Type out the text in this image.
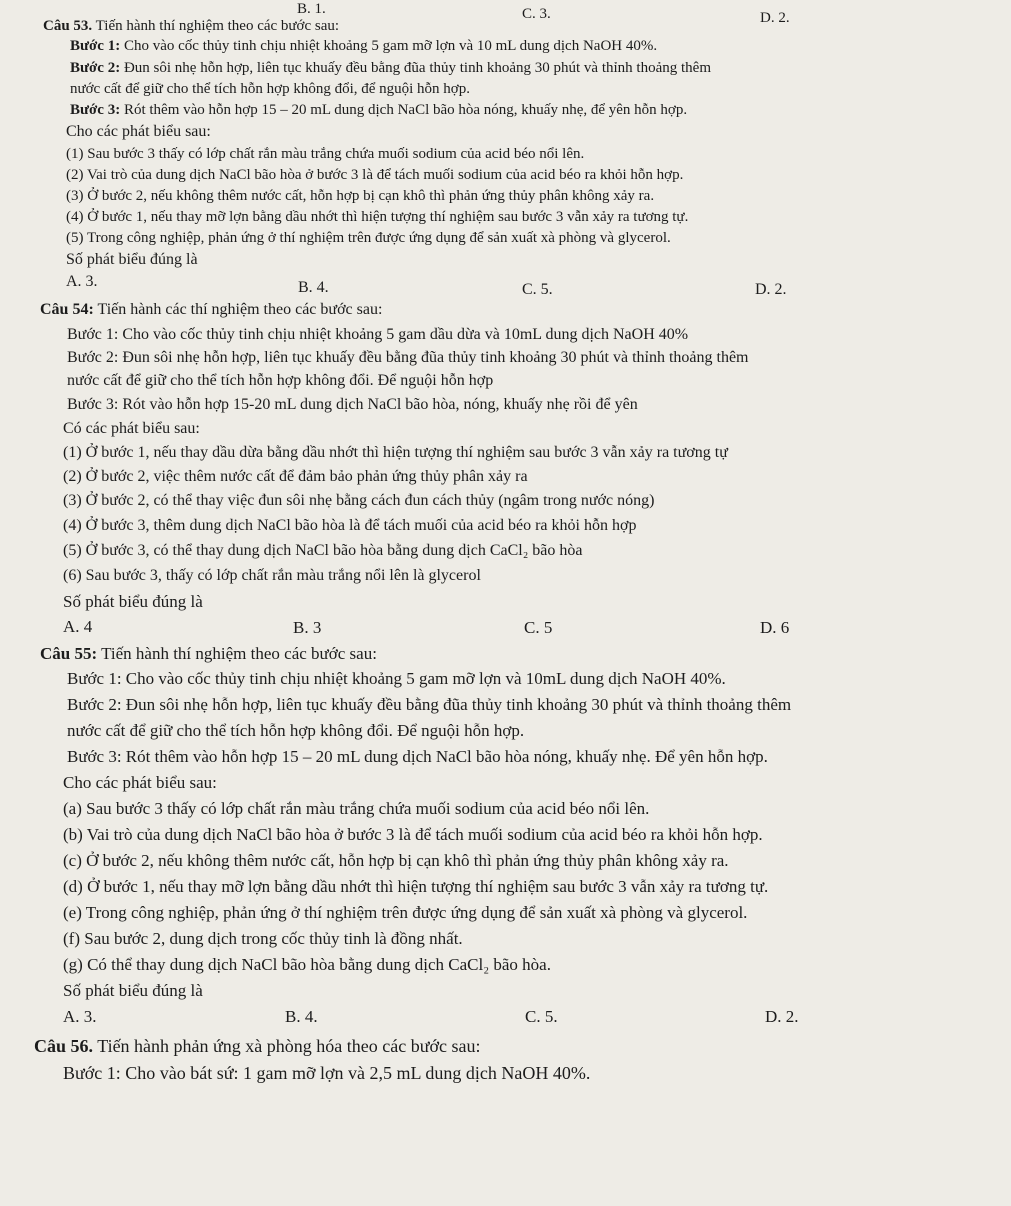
B. 1.	C. 3.	D. 2.
Câu 53. Tiến hành thí nghiệm theo các bước sau:
Bước 1: Cho vào cốc thủy tinh chịu nhiệt khoảng 5 gam mỡ lợn và 10 mL dung dịch NaOH 40%.
Bước 2: Đun sôi nhẹ hỗn hợp, liên tục khuấy đều bằng đũa thủy tinh khoảng 30 phút và thỉnh thoảng thêm
nước cất để giữ cho thể tích hỗn hợp không đổi, để nguội hỗn hợp.
Bước 3: Rót thêm vào hỗn hợp 15 – 20 mL dung dịch NaCl bão hòa nóng, khuấy nhẹ, để yên hỗn hợp.
Cho các phát biểu sau:
(1) Sau bước 3 thấy có lớp chất rắn màu trắng chứa muối sodium của acid béo nổi lên.
(2) Vai trò của dung dịch NaCl bão hòa ở bước 3 là để tách muối sodium của acid béo ra khỏi hỗn hợp.
(3) Ở bước 2, nếu không thêm nước cất, hỗn hợp bị cạn khô thì phản ứng thủy phân không xảy ra.
(4) Ở bước 1, nếu thay mỡ lợn bằng dầu nhớt thì hiện tượng thí nghiệm sau bước 3 vẫn xảy ra tương tự.
(5) Trong công nghiệp, phản ứng ở thí nghiệm trên được ứng dụng để sản xuất xà phòng và glycerol.
Số phát biểu đúng là
A. 3.	B. 4.	C. 5.	D. 2.
Câu 54: Tiến hành các thí nghiệm theo các bước sau:
Bước 1: Cho vào cốc thủy tinh chịu nhiệt khoảng 5 gam dầu dừa và 10mL dung dịch NaOH 40%
Bước 2: Đun sôi nhẹ hỗn hợp, liên tục khuấy đều bằng đũa thủy tinh khoảng 30 phút và thỉnh thoảng thêm
nước cất để giữ cho thể tích hỗn hợp không đổi. Để nguội hỗn hợp
Bước 3: Rót vào hỗn hợp 15-20 mL dung dịch NaCl bão hòa, nóng, khuấy nhẹ rồi để yên
Có các phát biểu sau:
(1) Ở bước 1, nếu thay dầu dừa bằng dầu nhớt thì hiện tượng thí nghiệm sau bước 3 vẫn xảy ra tương tự
(2) Ở bước 2, việc thêm nước cất để đảm bảo phản ứng thủy phân xảy ra
(3) Ở bước 2, có thể thay việc đun sôi nhẹ bằng cách đun cách thủy (ngâm trong nước nóng)
(4) Ở bước 3, thêm dung dịch NaCl bão hòa là để tách muối của acid béo ra khỏi hỗn hợp
(5) Ở bước 3, có thể thay dung dịch NaCl bão hòa bằng dung dịch CaCl₂ bão hòa
(6) Sau bước 3, thấy có lớp chất rắn màu trắng nổi lên là glycerol
Số phát biểu đúng là
A. 4	B. 3	C. 5	D. 6
Câu 55: Tiến hành thí nghiệm theo các bước sau:
Bước 1: Cho vào cốc thủy tinh chịu nhiệt khoảng 5 gam mỡ lợn và 10mL dung dịch NaOH 40%.
Bước 2: Đun sôi nhẹ hỗn hợp, liên tục khuấy đều bằng đũa thủy tinh khoảng 30 phút và thỉnh thoảng thêm
nước cất để giữ cho thể tích hỗn hợp không đổi. Để nguội hỗn hợp.
Bước 3: Rót thêm vào hỗn hợp 15 – 20 mL dung dịch NaCl bão hòa nóng, khuấy nhẹ. Để yên hỗn hợp.
Cho các phát biểu sau:
(a) Sau bước 3 thấy có lớp chất rắn màu trắng chứa muối sodium của acid béo nổi lên.
(b) Vai trò của dung dịch NaCl bão hòa ở bước 3 là để tách muối sodium của acid béo ra khỏi hỗn hợp.
(c) Ở bước 2, nếu không thêm nước cất, hỗn hợp bị cạn khô thì phản ứng thủy phân không xảy ra.
(d) Ở bước 1, nếu thay mỡ lợn bằng dầu nhớt thì hiện tượng thí nghiệm sau bước 3 vẫn xảy ra tương tự.
(e) Trong công nghiệp, phản ứng ở thí nghiệm trên được ứng dụng để sản xuất xà phòng và glycerol.
(f) Sau bước 2, dung dịch trong cốc thủy tinh là đồng nhất.
(g) Có thể thay dung dịch NaCl bão hòa bằng dung dịch CaCl₂ bão hòa.
Số phát biểu đúng là
A. 3.	B. 4.	C. 5.	D. 2.
Câu 56. Tiến hành phản ứng xà phòng hóa theo các bước sau:
Bước 1: Cho vào bát sứ: 1 gam mỡ lợn và 2,5 mL dung dịch NaOH 40%.
